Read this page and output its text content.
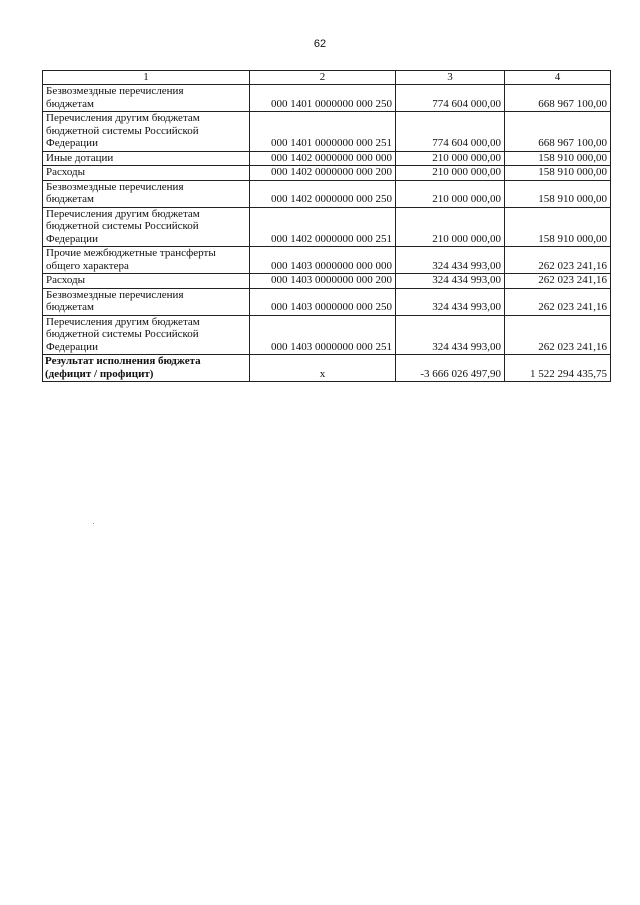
62
1	2	3	4

Безвозмездные перечисления
бюджетам	000 1401 0000000 000 250	774 604 000,00	668 967 100,00

Перечисления другим бюджетам
бюджетной системы Российской
Федерации	000 1401 0000000 000 251	774 604 000,00	668 967 100,00

Иные дотации	000 1402 0000000 000 000	210 000 000,00	158 910 000,00

Расходы	000 1402 0000000 000 200	210 000 000,00	158 910 000,00

Безвозмездные перечисления
бюджетам	000 1402 0000000 000 250	210 000 000,00	158 910 000,00

Перечисления другим бюджетам
бюджетной системы Российской
Федерации	000 1402 0000000 000 251	210 000 000,00	158 910 000,00

Прочие межбюджетные трансферты
общего характера	000 1403 0000000 000 000	324 434 993,00	262 023 241,16

Расходы	000 1403 0000000 000 200	324 434 993,00	262 023 241,16

Безвозмездные перечисления
бюджетам	000 1403 0000000 000 250	324 434 993,00	262 023 241,16

Перечисления другим бюджетам
бюджетной системы Российской
Федерации	000 1403 0000000 000 251	324 434 993,00	262 023 241,16

Результат исполнения бюджета
(дефицит / профицит)	x	-3 666 026 497,90	1 522 294 435,75
